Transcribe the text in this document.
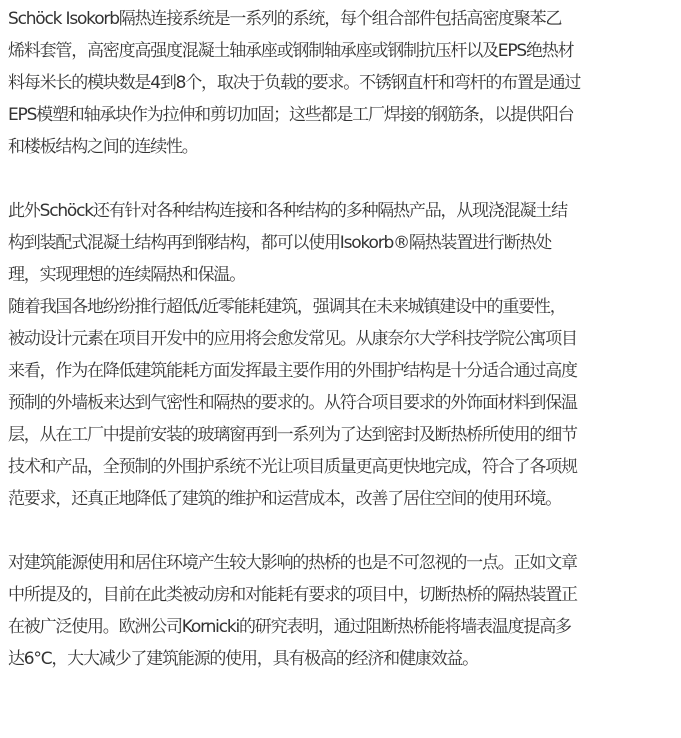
Schöck Isokorb隔热连接系统是一系列的系统，每个组合部件包括高密度聚苯乙
烯料套管，高密度高强度混凝土轴承座或钢制轴承座或钢制抗压杆以及EPS绝热材
料每米长的模块数是4到8个，取决于负载的要求。不锈钢直杆和弯杆的布置是通过
EPS模塑和轴承块作为拉伸和剪切加固；这些都是工厂焊接的钢筋条，以提供阳台
和楼板结构之间的连续性。
此外Schöck还有针对各种结构连接和各种结构的多种隔热产品，从现浇混凝土结
构到装配式混凝土结构再到钢结构，都可以使用Isokorb®隔热装置进行断热处
理，实现理想的连续隔热和保温。
随着我国各地纷纷推行超低/近零能耗建筑，强调其在未来城镇建设中的重要性，
被动设计元素在项目开发中的应用将会愈发常见。从康奈尔大学科技学院公寓项目
来看，作为在降低建筑能耗方面发挥最主要作用的外围护结构是十分适合通过高度
预制的外墙板来达到气密性和隔热的要求的。从符合项目要求的外饰面材料到保温
层，从在工厂中提前安装的玻璃窗再到一系列为了达到密封及断热桥所使用的细节
技术和产品，全预制的外围护系统不光让项目质量更高更快地完成，符合了各项规
范要求，还真正地降低了建筑的维护和运营成本，改善了居住空间的使用环境。
对建筑能源使用和居住环境产生较大影响的热桥的也是不可忽视的一点。正如文章
中所提及的，目前在此类被动房和对能耗有要求的项目中，切断热桥的隔热装置正
在被广泛使用。欧洲公司Kornicki的研究表明，通过阻断热桥能将墙表温度提高多
达6°C，大大减少了建筑能源的使用，具有极高的经济和健康效益。
